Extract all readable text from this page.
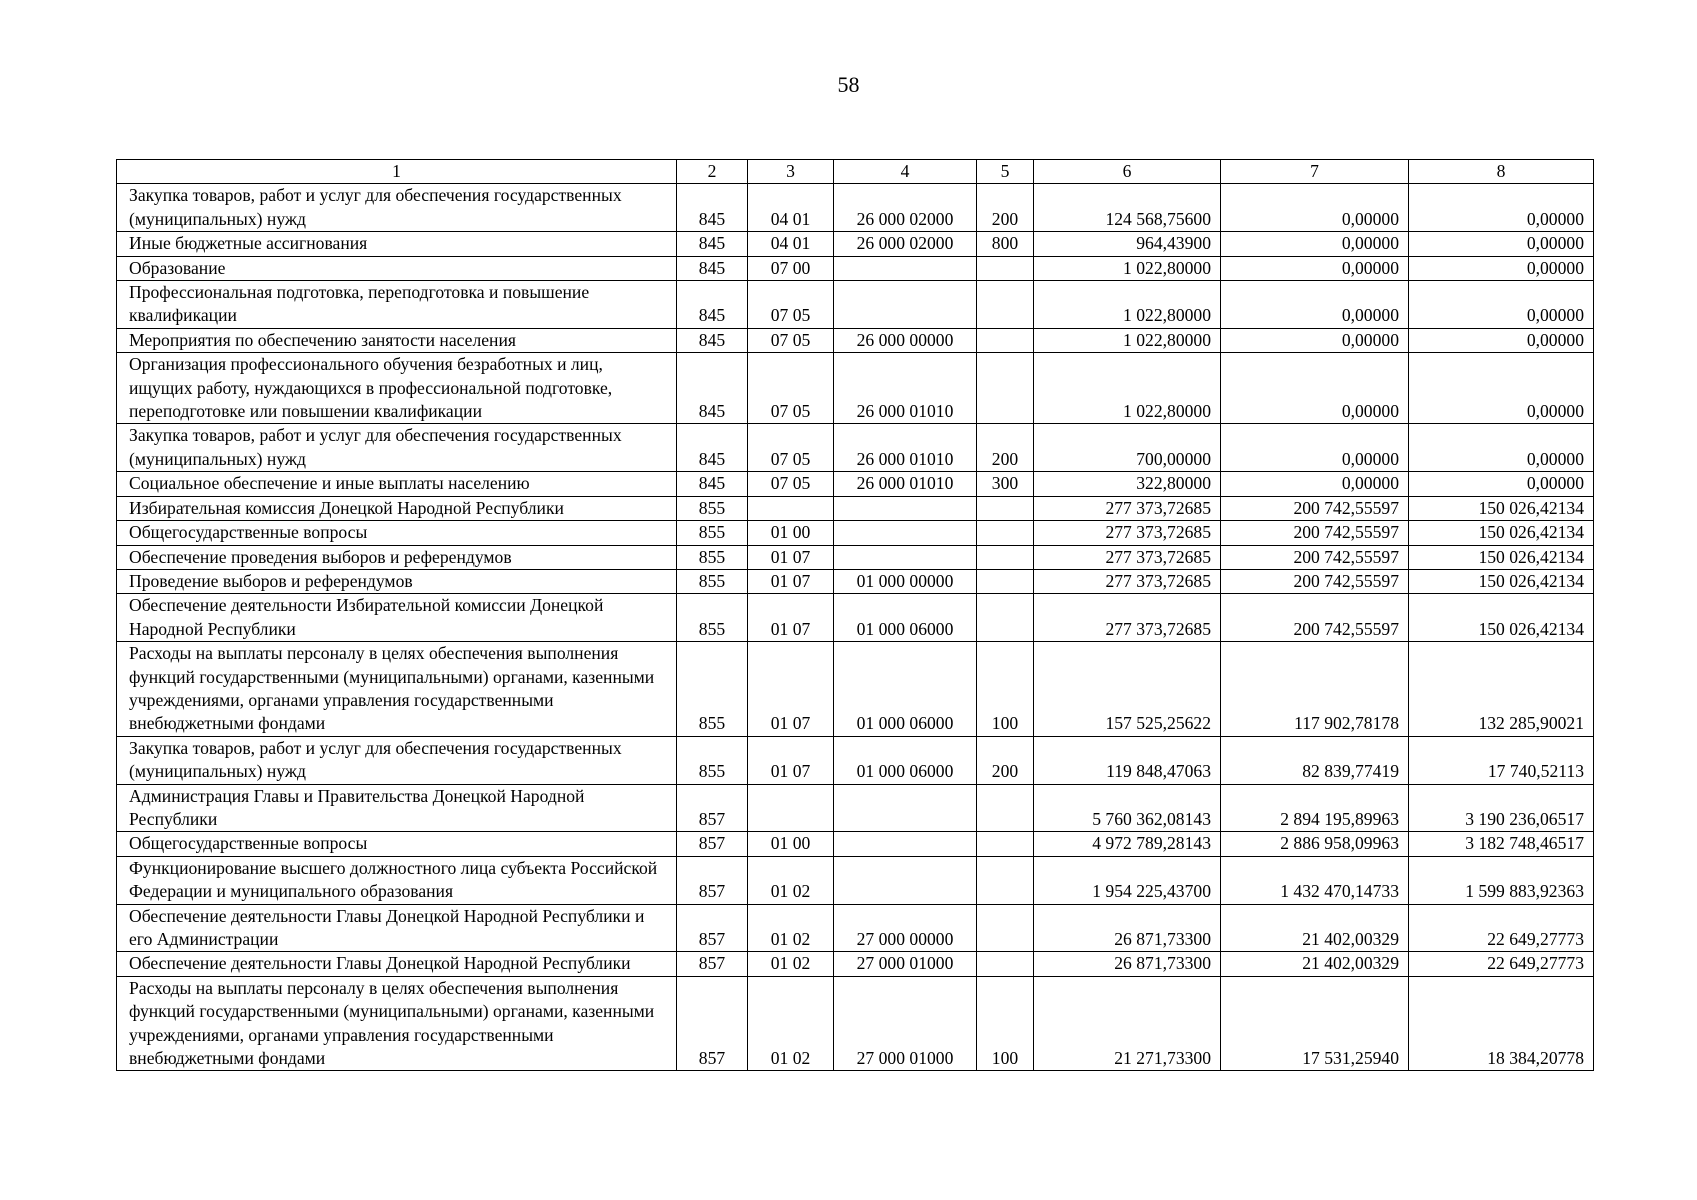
58
1	2	3	4	5	6	7	8
Закупка товаров, работ и услуг для обеспечения государственных (муниципальных) нужд	845	04 01	26 000 02000	200	124 568,75600	0,00000	0,00000
Иные бюджетные ассигнования	845	04 01	26 000 02000	800	964,43900	0,00000	0,00000
Образование	845	07 00			1 022,80000	0,00000	0,00000
Профессиональная подготовка, переподготовка и повышение квалификации	845	07 05			1 022,80000	0,00000	0,00000
Мероприятия по обеспечению занятости населения	845	07 05	26 000 00000		1 022,80000	0,00000	0,00000
Организация профессионального обучения безработных и лиц, ищущих работу, нуждающихся в профессиональной подготовке, переподготовке или повышении квалификации	845	07 05	26 000 01010		1 022,80000	0,00000	0,00000
Закупка товаров, работ и услуг для обеспечения государственных (муниципальных) нужд	845	07 05	26 000 01010	200	700,00000	0,00000	0,00000
Социальное обеспечение и иные выплаты населению	845	07 05	26 000 01010	300	322,80000	0,00000	0,00000
Избирательная комиссия Донецкой Народной Республики	855				277 373,72685	200 742,55597	150 026,42134
Общегосударственные вопросы	855	01 00			277 373,72685	200 742,55597	150 026,42134
Обеспечение проведения выборов и референдумов	855	01 07			277 373,72685	200 742,55597	150 026,42134
Проведение выборов и референдумов	855	01 07	01 000 00000		277 373,72685	200 742,55597	150 026,42134
Обеспечение деятельности Избирательной комиссии Донецкой Народной Республики	855	01 07	01 000 06000		277 373,72685	200 742,55597	150 026,42134
Расходы на выплаты персоналу в целях обеспечения выполнения функций государственными (муниципальными) органами, казенными учреждениями, органами управления государственными внебюджетными фондами	855	01 07	01 000 06000	100	157 525,25622	117 902,78178	132 285,90021
Закупка товаров, работ и услуг для обеспечения государственных (муниципальных) нужд	855	01 07	01 000 06000	200	119 848,47063	82 839,77419	17 740,52113
Администрация Главы и Правительства Донецкой Народной Республики	857				5 760 362,08143	2 894 195,89963	3 190 236,06517
Общегосударственные вопросы	857	01 00			4 972 789,28143	2 886 958,09963	3 182 748,46517
Функционирование высшего должностного лица субъекта Российской Федерации и муниципального образования	857	01 02			1 954 225,43700	1 432 470,14733	1 599 883,92363
Обеспечение деятельности Главы Донецкой Народной Республики и его Администрации	857	01 02	27 000 00000		26 871,73300	21 402,00329	22 649,27773
Обеспечение деятельности Главы Донецкой Народной Республики	857	01 02	27 000 01000		26 871,73300	21 402,00329	22 649,27773
Расходы на выплаты персоналу в целях обеспечения выполнения функций государственными (муниципальными) органами, казенными учреждениями, органами управления государственными внебюджетными фондами	857	01 02	27 000 01000	100	21 271,73300	17 531,25940	18 384,20778
